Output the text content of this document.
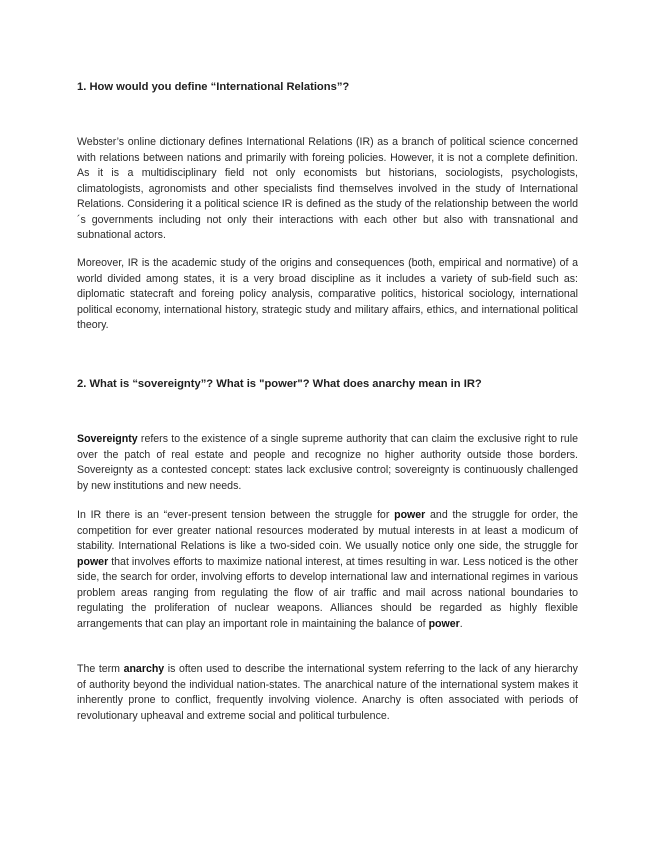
1. How would you define “International Relations”?

Webster’s online dictionary defines International Relations (IR) as a branch of political science concerned with relations between nations and primarily with foreing policies. However, it is not a complete definition. As it is a multidisciplinary field not only economists but historians, sociologists, psychologists, climatologists, agronomists and other specialists find themselves involved in the study of International Relations. Considering it a political science IR is defined as the study of the relationship between the world´s governments including not only their interactions with each other but also with transnational and subnational actors.

Moreover, IR is the academic study of the origins and consequences (both, empirical and normative) of a world divided among states, it is a very broad discipline as it includes a variety of sub-field such as: diplomatic statecraft and foreing policy analysis, comparative politics, historical sociology, international political economy, international history, strategic study and military affairs, ethics, and international political theory.

2. What is “sovereignty”? What is "power"? What does anarchy mean in IR?

Sovereignty refers to the existence of a single supreme authority that can claim the exclusive right to rule over the patch of real estate and people and recognize no higher authority outside those borders. Sovereignty as a contested concept: states lack exclusive control; sovereignty is continuously challenged by new institutions and new needs.

In IR there is an “ever-present tension between the struggle for power and the struggle for order, the competition for ever greater national resources moderated by mutual interests in at least a modicum of stability. International Relations is like a two-sided coin. We usually notice only one side, the struggle for power that involves efforts to maximize national interest, at times resulting in war. Less noticed is the other side, the search for order, involving efforts to develop international law and international regimes in various problem areas ranging from regulating the flow of air traffic and mail across national boundaries to regulating the proliferation of nuclear weapons. Alliances should be regarded as highly flexible arrangements that can play an important role in maintaining the balance of power.

The term anarchy is often used to describe the international system referring to the lack of any hierarchy of authority beyond the individual nation-states. The anarchical nature of the international system makes it inherently prone to conflict, frequently involving violence. Anarchy is often associated with periods of revolutionary upheaval and extreme social and political turbulence.
